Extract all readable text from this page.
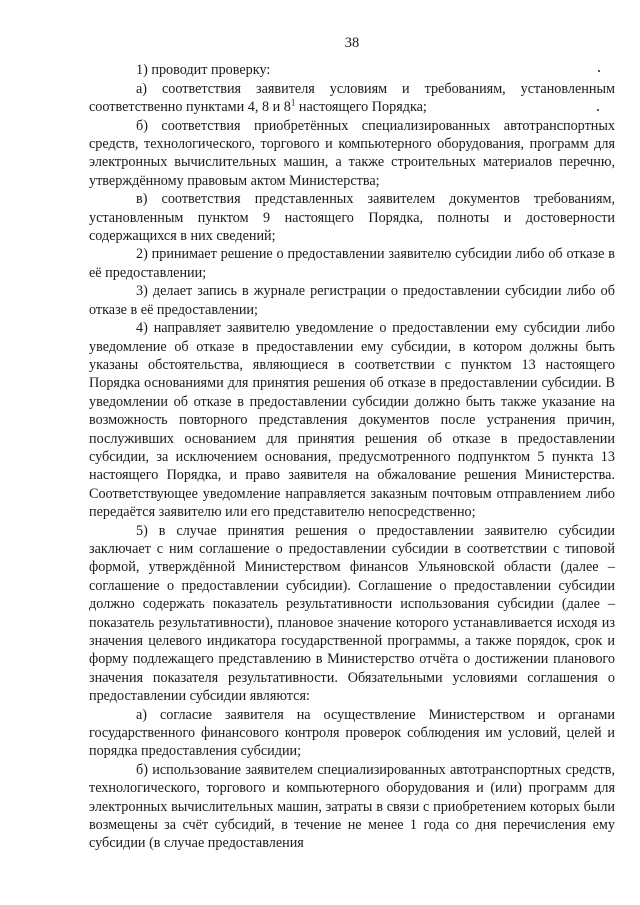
38

1) проводит проверку:

а) соответствия заявителя условиям и требованиям, установленным соответственно пунктами 4, 8 и $8^1$ настоящего Порядка;

б) соответствия приобретённых специализированных автотранспортных средств, технологического, торгового и компьютерного оборудования, программ для электронных вычислительных машин, а также строительных материалов перечню, утверждённому правовым актом Министерства;

в) соответствия представленных заявителем документов требованиям, установленным пунктом 9 настоящего Порядка, полноты и достоверности содержащихся в них сведений;

2) принимает решение о предоставлении заявителю субсидии либо об отказе в её предоставлении;

3) делает запись в журнале регистрации о предоставлении субсидии либо об отказе в её предоставлении;

4) направляет заявителю уведомление о предоставлении ему субсидии либо уведомление об отказе в предоставлении ему субсидии, в котором должны быть указаны обстоятельства, являющиеся в соответствии с пунктом 13 настоящего Порядка основаниями для принятия решения об отказе в предоставлении субсидии. В уведомлении об отказе в предоставлении субсидии должно быть также указание на возможность повторного представления документов после устранения причин, послуживших основанием для принятия решения об отказе в предоставлении субсидии, за исключением основания, предусмотренного подпунктом 5 пункта 13 настоящего Порядка, и право заявителя на обжалование решения Министерства. Соответствующее уведомление направляется заказным почтовым отправлением либо передаётся заявителю или его представителю непосредственно;

5) в случае принятия решения о предоставлении заявителю субсидии заключает с ним соглашение о предоставлении субсидии в соответствии с типовой формой, утверждённой Министерством финансов Ульяновской области (далее – соглашение о предоставлении субсидии). Соглашение о предоставлении субсидии должно содержать показатель результативности использования субсидии (далее – показатель результативности), плановое значение которого устанавливается исходя из значения целевого индикатора государственной программы, а также порядок, срок и форму подлежащего представлению в Министерство отчёта о достижении планового значения показателя результативности. Обязательными условиями соглашения о предоставлении субсидии являются:

а) согласие заявителя на осуществление Министерством и органами государственного финансового контроля проверок соблюдения им условий, целей и порядка предоставления субсидии;

б) использование заявителем специализированных автотранспортных средств, технологического, торгового и компьютерного оборудования и (или) программ для электронных вычислительных машин, затраты в связи с приобретением которых были возмещены за счёт субсидий, в течение не менее 1 года со дня перечисления ему субсидии (в случае предоставления
